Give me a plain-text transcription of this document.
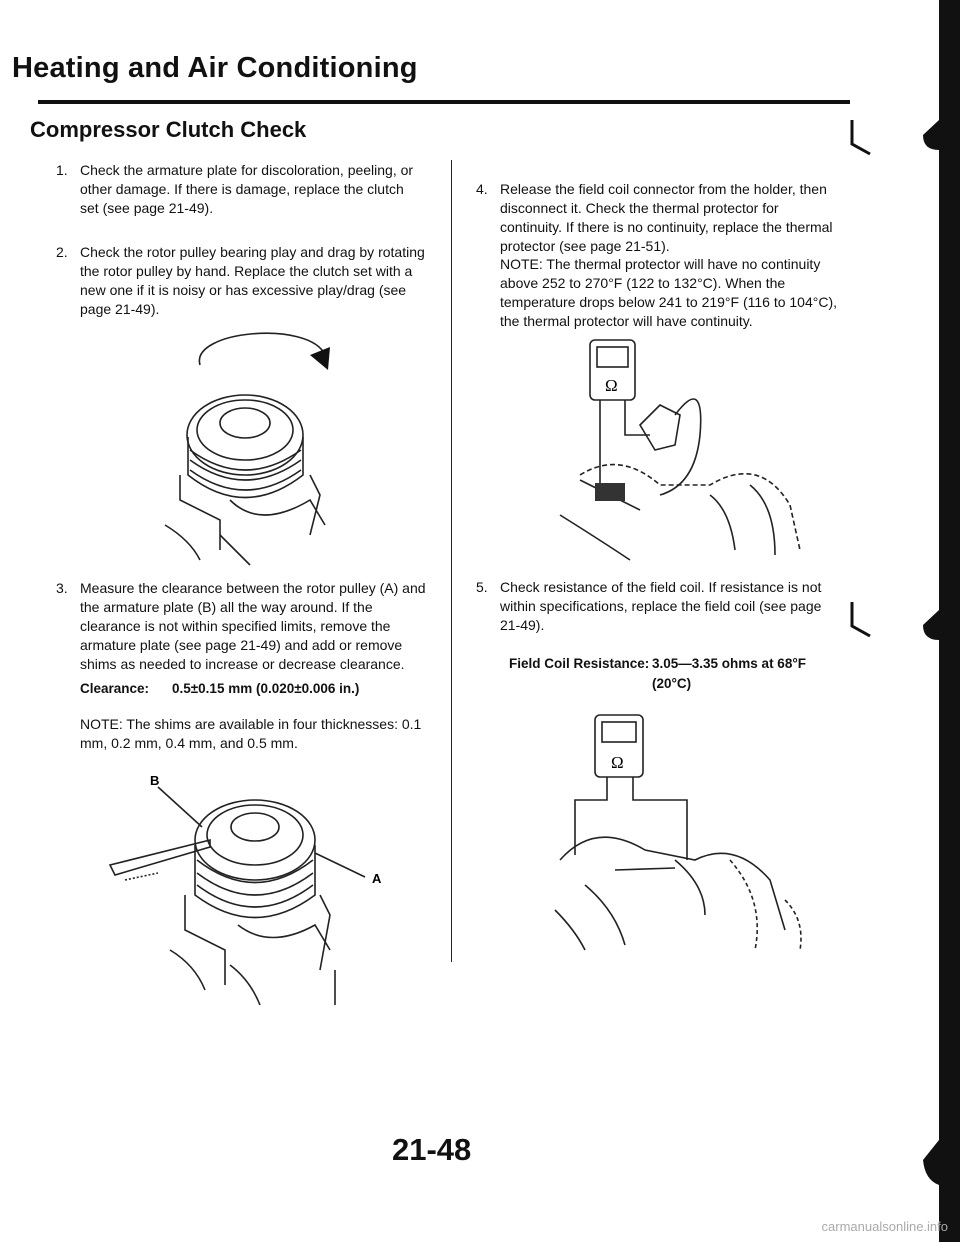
Heating and Air Conditioning
Compressor Clutch Check
1. Check the armature plate for discoloration, peeling, or other damage. If there is damage, replace the clutch set (see page 21-49).
2. Check the rotor pulley bearing play and drag by rotating the rotor pulley by hand. Replace the clutch set with a new one if it is noisy or has excessive play/drag (see page 21-49).
3. Measure the clearance between the rotor pulley (A) and the armature plate (B) all the way around. If the clearance is not within specified limits, remove the armature plate (see page 21-49) and add or remove shims as needed to increase or decrease clearance.
Clearance: 0.5±0.15 mm (0.020±0.006 in.)
NOTE: The shims are available in four thicknesses: 0.1 mm, 0.2 mm, 0.4 mm, and 0.5 mm.
B
A
4. Release the field coil connector from the holder, then disconnect it. Check the thermal protector for continuity. If there is no continuity, replace the thermal protector (see page 21-51).
NOTE: The thermal protector will have no continuity above 252 to 270°F (122 to 132°C). When the temperature drops below 241 to 219°F (116 to 104°C), the thermal protector will have continuity.
Ω
5. Check resistance of the field coil. If resistance is not within specifications, replace the field coil (see page 21-49).
Field Coil Resistance: 3.05—3.35 ohms at 68°F
(20°C)
Ω
21-48
carmanualsonline.info
